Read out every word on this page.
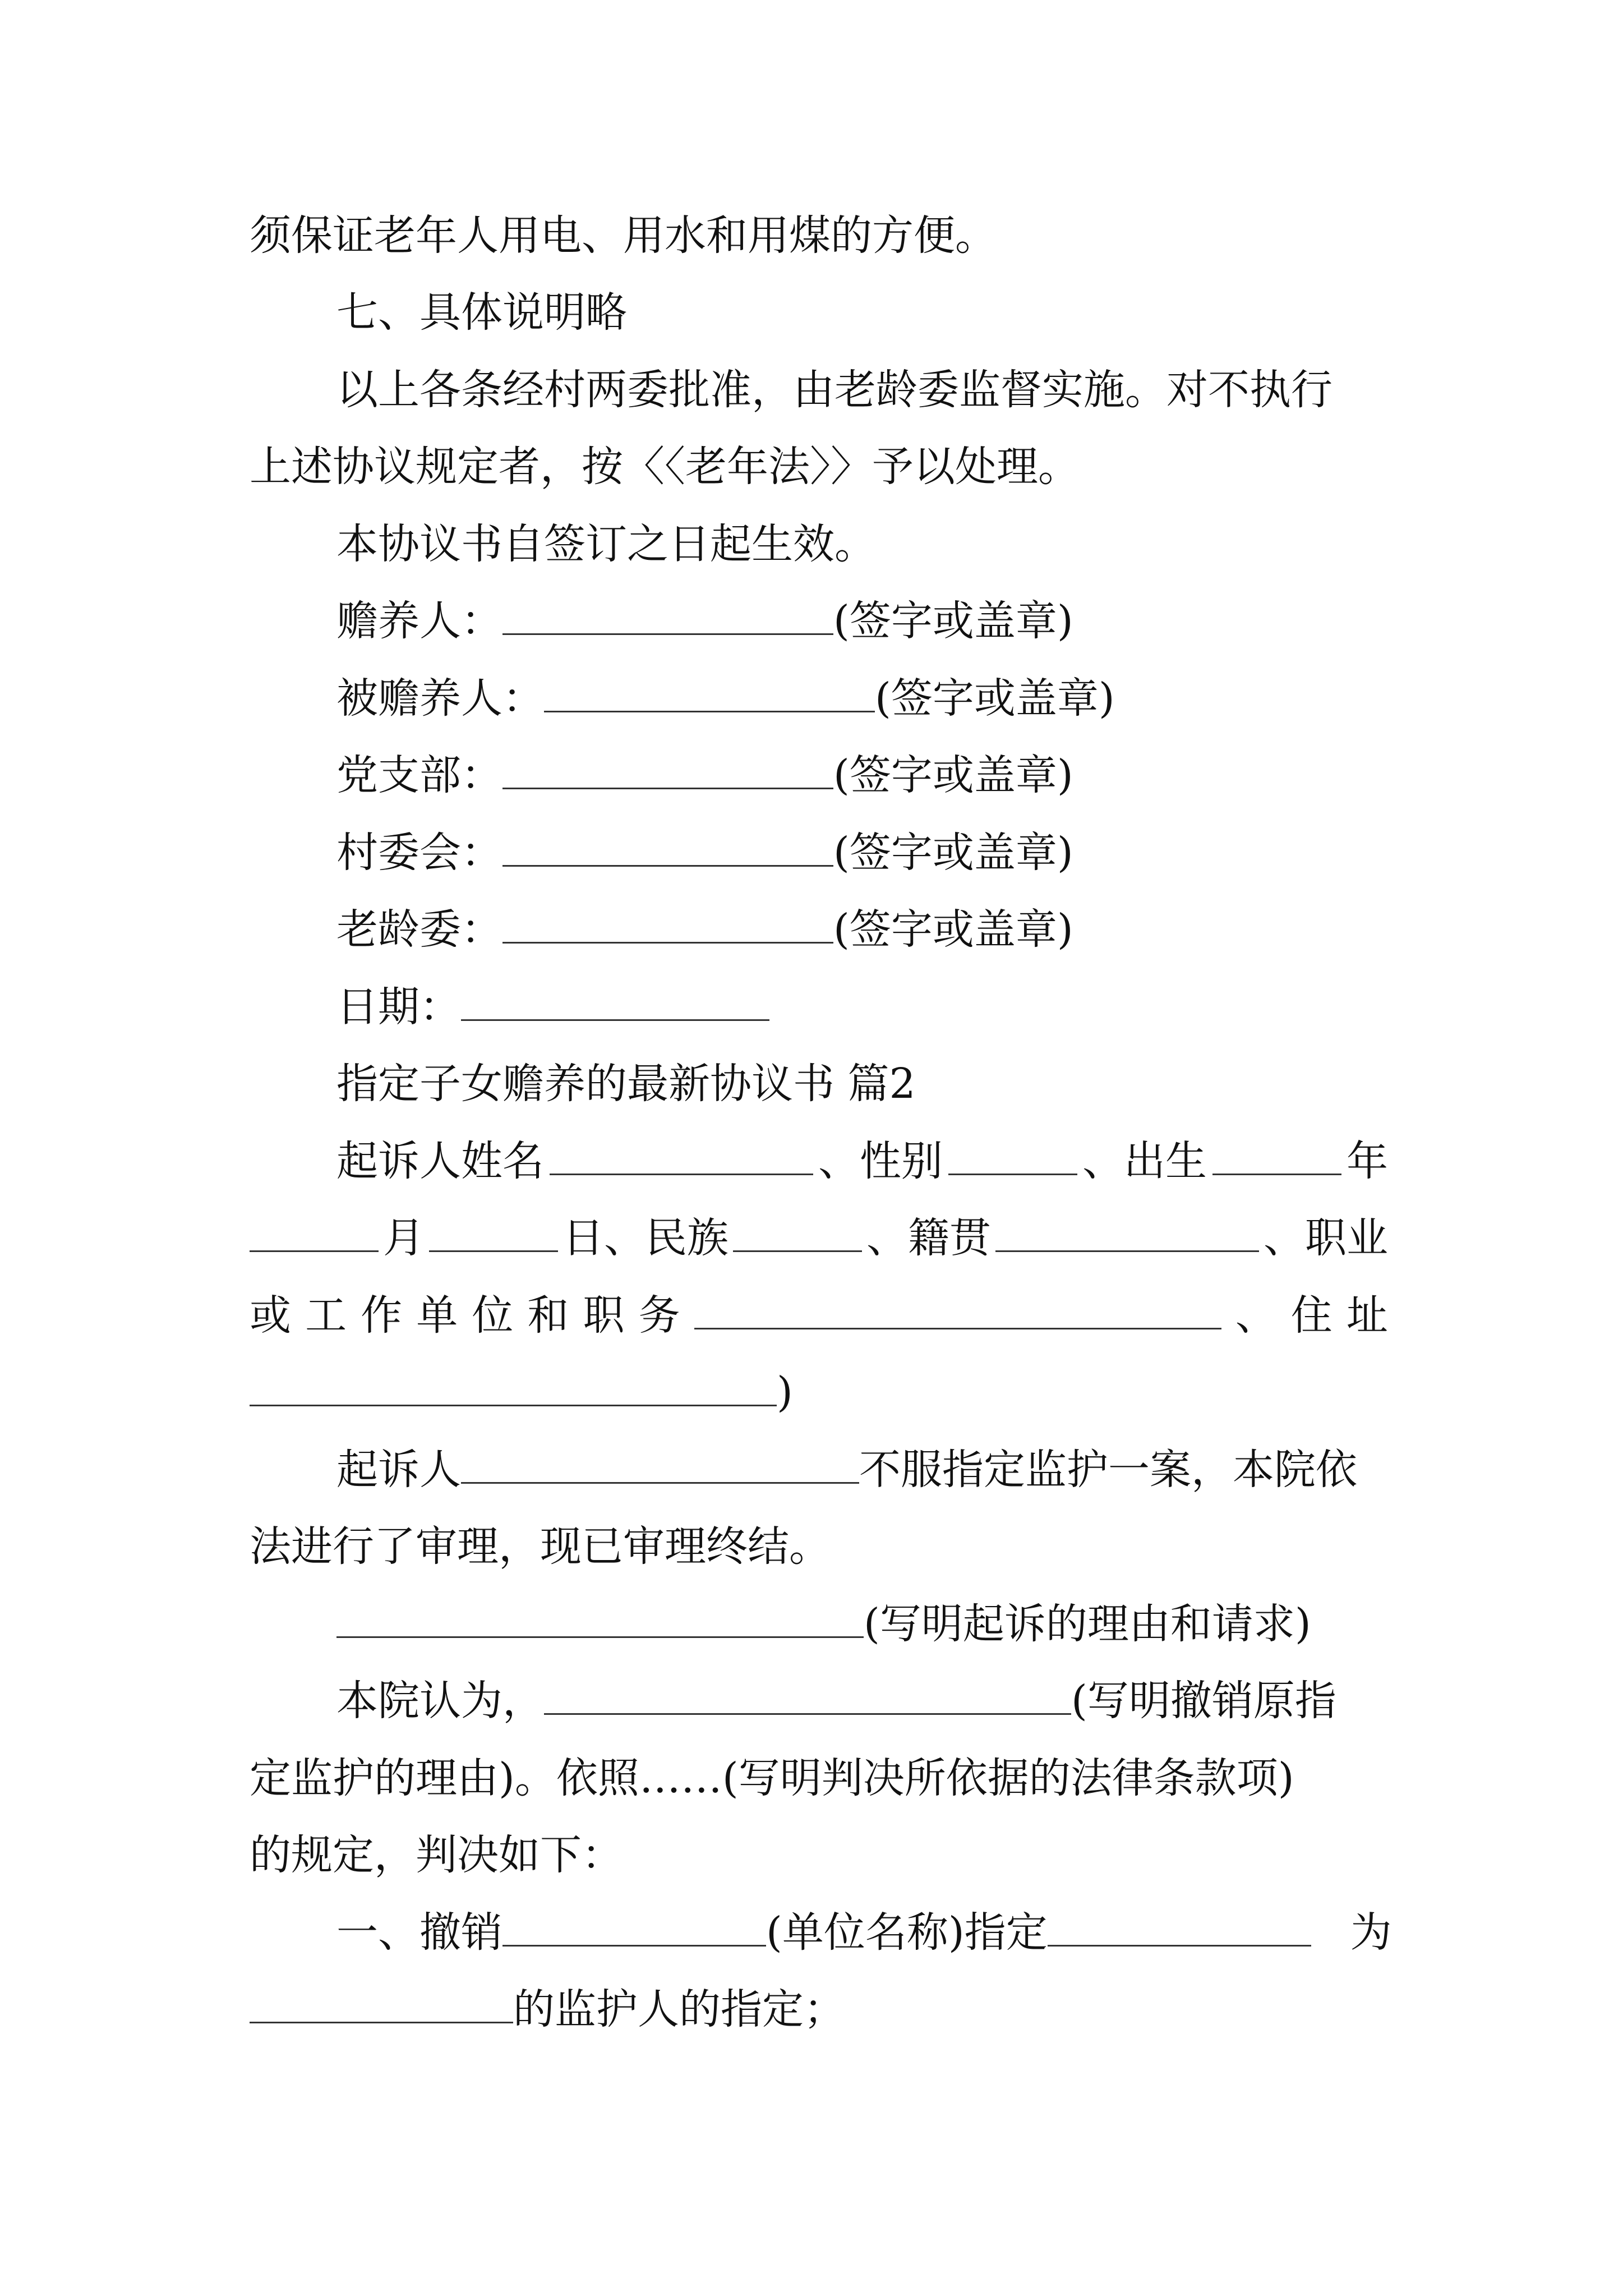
须保证老年人用电、用水和用煤的方便。
七、具体说明略
以上各条经村两委批准，由老龄委监督实施。对不执行
上述协议规定者，按〈〈老年法〉〉予以处理。
本协议书自签订之日起生效。
赡养人：	(签字或盖章)
被赡养人：	(签字或盖章)
党支部：	(签字或盖章)
村委会：	(签字或盖章)
老龄委：	(签字或盖章)
日期：
指定子女赡养的最新协议书 篇2
起诉人姓名	、性别	、出生	年
月	日、民族	、籍贯	、职业
或 工 作 单 位 和 职 务	、 住 址
)
起诉人	不服指定监护一案，本院依
法进行了审理，现已审理终结。
(写明起诉的理由和请求)
本院认为，	(写明撤销原指
定监护的理由)。依照……(写明判决所依据的法律条款项)
的规定，判决如下：
一、撤销	(单位名称)指定	为
的监护人的指定；
